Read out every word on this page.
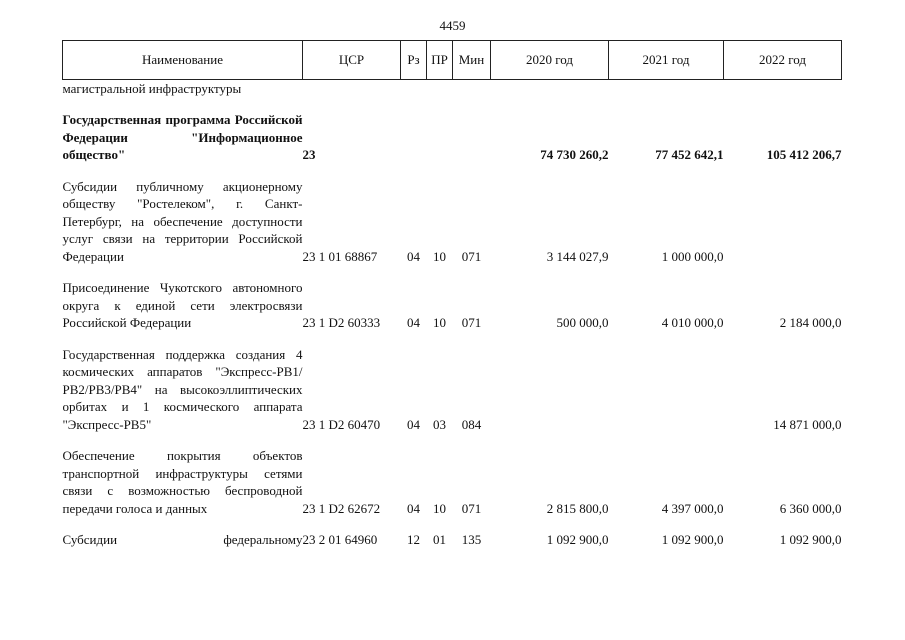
4459
Наименование	ЦСР	Рз	ПР	Мин	2020 год	2021 год	2022 год
магистральной инфраструктуры							

Государственная программа Российской Федерации "Информационное общество"	23				74 730 260,2	77 452 642,1	105 412 206,7

Субсидии публичному акционерному обществу "Ростелеком", г. Санкт-Петербург, на обеспечение доступности услуг связи на территории Российской Федерации	23 1 01 68867	04	10	071	3 144 027,9	1 000 000,0	

Присоединение Чукотского автономного округа к единой сети электросвязи Российской Федерации	23 1 D2 60333	04	10	071	500 000,0	4 010 000,0	2 184 000,0

Государственная поддержка создания 4 космических аппаратов "Экспресс-РВ1/РВ2/РВ3/РВ4" на высокоэллиптических орбитах и 1 космического аппарата "Экспресс-РВ5"	23 1 D2 60470	04	03	084			14 871 000,0

Обеспечение покрытия объектов транспортной инфраструктуры сетями связи с возможностью беспроводной передачи голоса и данных	23 1 D2 62672	04	10	071	2 815 800,0	4 397 000,0	6 360 000,0

Субсидии федеральному	23 2 01 64960	12	01	135	1 092 900,0	1 092 900,0	1 092 900,0
